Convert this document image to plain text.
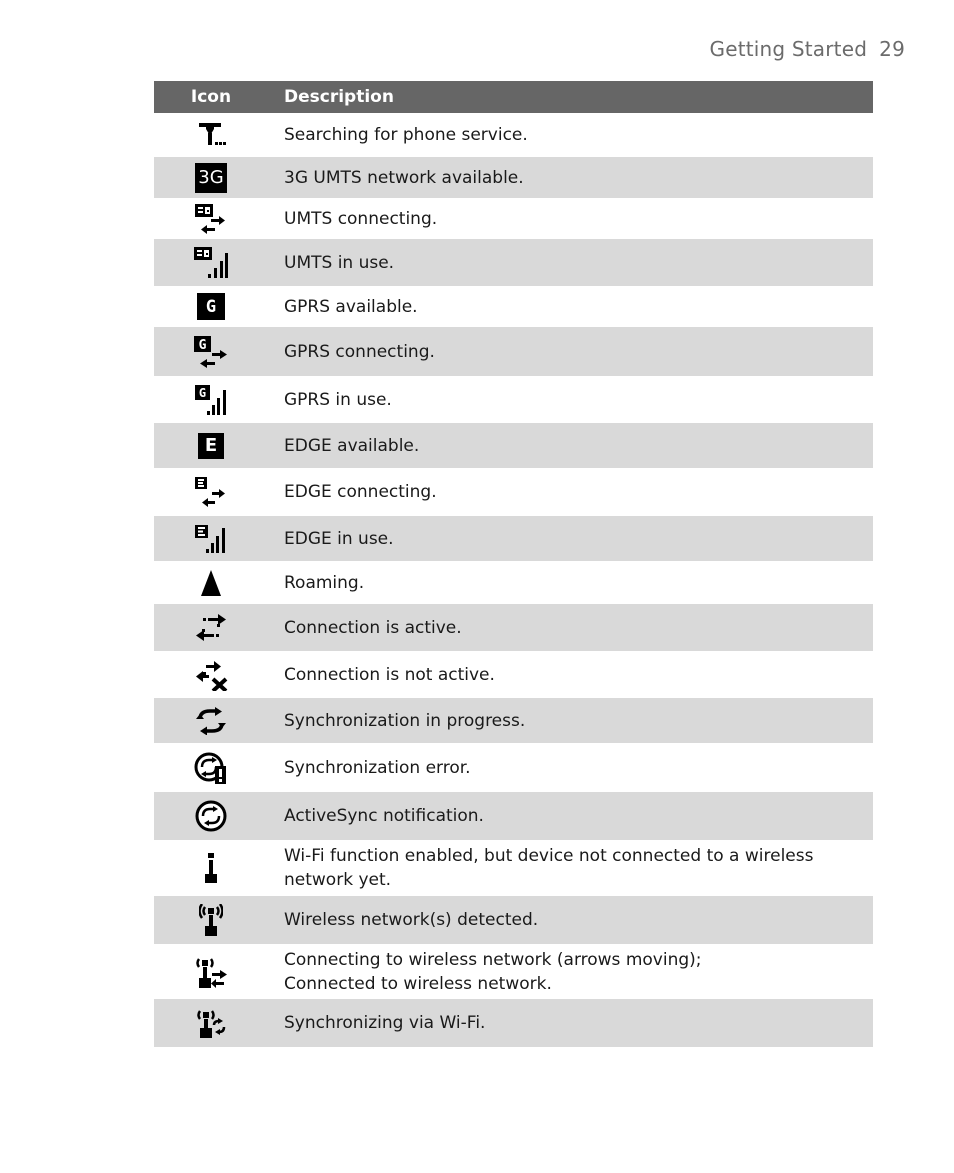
Getting Started 29
Icon	Description

	Searching for phone service.
3G	3G UMTS network available.

	UMTS connecting.

	UMTS in use.
G	GPRS available.

G	GPRS connecting.

G	GPRS in use.
E	EDGE available.

	EDGE connecting.

	EDGE in use.

	Roaming.

	Connection is active.

	Connection is not active.

	Synchronization in progress.

	Synchronization error.

	ActiveSync notification.

	Wi-Fi function enabled, but device not connected to a wireless network yet.

	Wireless network(s) detected.

	Connecting to wireless network (arrows moving);
Connected to wireless network.

	Synchronizing via Wi-Fi.
